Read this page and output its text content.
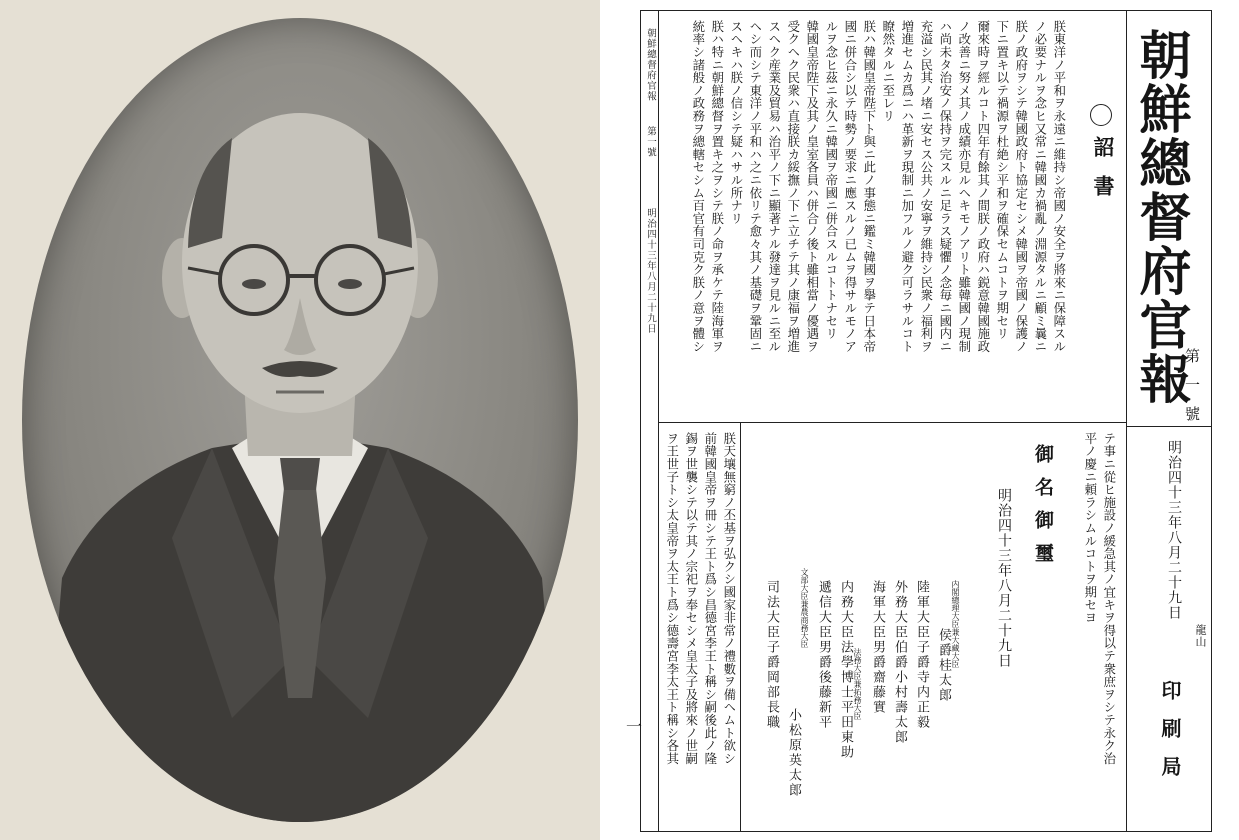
朝鮮總督府官報
第一號
明治四十三年八月二十九日
龍山
印刷局
朝鮮總督府官報
第一號
明治四十三年八月二十九日
詔書
朕東洋ノ平和ヲ永遠ニ維持シ帝國ノ安全ヲ將來ニ保障スル
ノ必要ナルヲ念ヒ又常ニ韓國カ禍亂ノ淵源タルニ顧ミ曩ニ
朕ノ政府ヲシテ韓國政府ト協定セシメ韓國ヲ帝國ノ保護ノ
下ニ置キ以テ禍源ヲ杜絶シ平和ヲ確保セムコトヲ期セリ
爾來時ヲ經ルコト四年有餘其ノ間朕ノ政府ハ鋭意韓國施政
ノ改善ニ努メ其ノ成績亦見ルヘキモノアリト雖韓國ノ現制
ハ尚未タ治安ノ保持ヲ完スルニ足ラス疑懼ノ念毎ニ國内ニ
充溢シ民其ノ堵ニ安セス公共ノ安寧ヲ維持シ民衆ノ福利ヲ
増進セムカ爲ニハ革新ヲ現制ニ加フルノ避ク可ラサルコト
瞭然タルニ至レリ
朕ハ韓國皇帝陛下ト與ニ此ノ事態ニ鑑ミ韓國ヲ擧テ日本帝
國ニ併合シ以テ時勢ノ要求ニ應スルノ已ムヲ得サルモノア
ルヲ念ヒ茲ニ永久ニ韓國ヲ帝國ニ併合スルコトトナセリ
韓國皇帝陛下及其ノ皇室各員ハ併合ノ後ト雖相當ノ優遇ヲ
受クヘク民衆ハ直接朕カ綏撫ノ下ニ立チテ其ノ康福ヲ増進
スヘク産業及貿易ハ治平ノ下ニ顯著ナル發達ヲ見ルニ至ル
ヘシ而シテ東洋ノ平和ハ之ニ依リテ愈々其ノ基礎ヲ鞏固ニ
スヘキハ朕ノ信シテ疑ハサル所ナリ
朕ハ特ニ朝鮮總督ヲ置キ之ヲシテ朕ノ命ヲ承ケテ陸海軍ヲ
統率シ諸般ノ政務ヲ總轄セシム百官有司克ク朕ノ意ヲ體シ
テ事ニ從ヒ施設ノ緩急其ノ宜キヲ得以テ衆庶ヲシテ永ク治
平ノ慶ニ頼ラシムルコトヲ期セヨ
御名御璽
明治四十三年八月二十九日
内閣總理大臣兼大藏大臣
侯爵桂太郎
陸軍大臣子爵寺内正毅
外務大臣伯爵小村壽太郎
海軍大臣男爵齋藤實
法務大臣兼拓務大臣
内務大臣法學博士平田東助
遞信大臣男爵後藤新平
文部大臣兼農商務大臣
小松原英太郎
司法大臣子爵岡部長職
朕天壤無窮ノ丕基ヲ弘クシ國家非常ノ禮數ヲ備ヘムト欲シ
前韓國皇帝ヲ冊シテ王ト爲シ昌德宮李王ト稱シ嗣後此ノ隆
錫ヲ世襲シテ以テ其ノ宗祀ヲ奉セシメ皇太子及將來ノ世嗣
ヲ王世子トシ太皇帝ヲ太王ト爲シ德壽宮李太王ト稱シ各其
一
